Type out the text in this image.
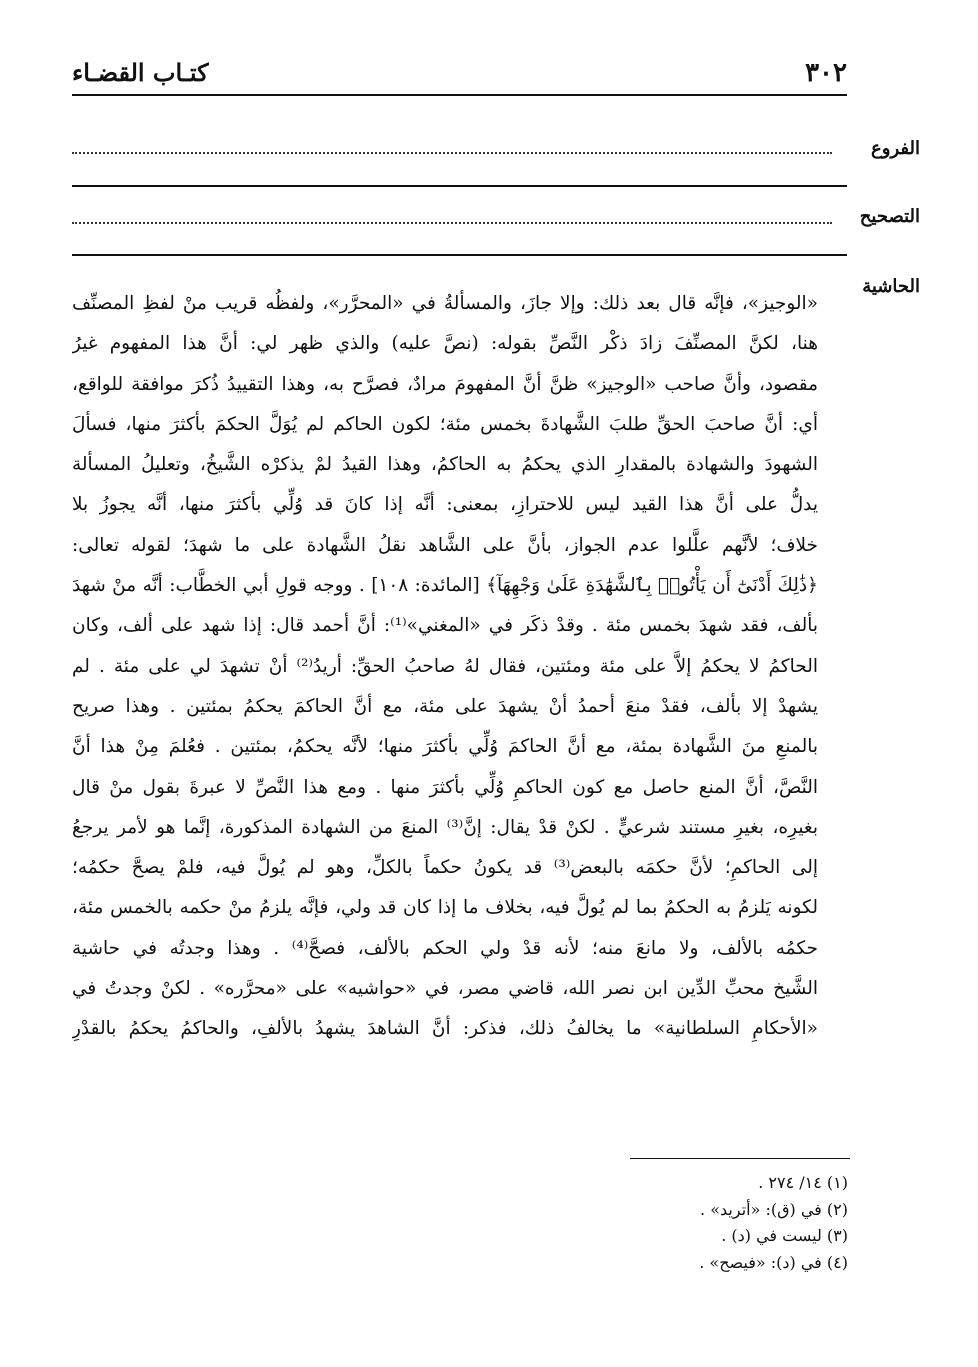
٣٠٢
كتـاب القضـاء
الفروع
التصحيح
الحاشية
«الوجيز»، فإنَّه قال بعد ذلك: وإلا جازَ، والمسألةُ في «المحرَّر»، ولفظُه قريب منْ لفظِ المصنِّف
هنا، لكنَّ المصنِّفَ زادَ ذكْر النَّصِّ بقوله: (نصَّ عليه) والذي ظهر لي: أنَّ هذا المفهوم غيرُ
مقصود، وأنَّ صاحب «الوجيز» ظنَّ أنَّ المفهومَ مرادٌ، فصرَّح به، وهذا التقييدُ ذُكرَ موافقة للواقع،
أي: أنَّ صاحبَ الحقِّ طلبَ الشَّهادةَ بخمس مئة؛ لكون الحاكم لم يُوَلَّ الحكمَ بأكثرَ منها، فسألَ
الشهودَ والشهادة بالمقدارِ الذي يحكمُ به الحاكمُ، وهذا القيدُ لمْ يذكرْه الشَّيخُ، وتعليلُ المسألة
يدلُّ على أنَّ هذا القيد ليس للاحترازِ، بمعنى: أنَّه إذا كانَ قد وُلِّي بأكثرَ منها، أنَّه يجوزُ بلا
خلاف؛ لأنَّهم علَّلوا عدم الجواز، بأنَّ على الشَّاهد نقلُ الشَّهادة على ما شهدَ؛ لقوله تعالى:
﴿ذَٰلِكَ أَدْنَىٰٓ أَن يَأْتُوا۟ بِٱلشَّهَٰدَةِ عَلَىٰ وَجْهِهَآ﴾ [المائدة: ١٠٨] . ووجه قولِ أبي الخطَّاب: أنَّه منْ شهدَ
بألف، فقد شهدَ بخمس مئة . وقدْ ذكَر في «المغني»⁽¹⁾: أنَّ أحمد قال: إذا شهد على ألف، وكان
الحاكمُ لا يحكمُ إلاَّ على مئة ومئتين، فقال لهُ صاحبُ الحقِّ: أريدُ⁽²⁾ أنْ تشهدَ لي على مئة . لم
يشهدْ إلا بألف، فقدْ منعَ أحمدُ أنْ يشهدَ على مئة، مع أنَّ الحاكمَ يحكمُ بمئتين . وهذا صريح
بالمنعِ منَ الشَّهادة بمئة، مع أنَّ الحاكمَ وُلِّي بأكثرَ منها؛ لأنَّه يحكمُ، بمئتين . فعُلمَ مِنْ هذا أنَّ
النَّصَّ، أنَّ المنع حاصل مع كون الحاكمِ وُلِّي بأكثرَ منها . ومع هذا النَّصِّ لا عبرةَ بقول منْ قال
بغيرِه، بغيرِ مستند شرعيٍّ . لكنْ قدْ يقال: إنَّ⁽³⁾ المنعَ من الشهادة المذكورة، إنَّما هو لأمر يرجعُ
إلى الحاكمِ؛ لأنَّ حكمَه بالبعض⁽³⁾ قد يكونُ حكماً بالكلِّ، وهو لم يُولَّ فيه، فلمْ يصحَّ حكمُه؛
لكونه يَلزمُ به الحكمُ بما لم يُولَّ فيه، بخلاف ما إذا كان قد ولي، فإنَّه يلزمُ منْ حكمه بالخمس مئة،
حكمُه بالألف، ولا مانعَ منه؛ لأنه قدْ ولي الحكم بالألف، فصحَّ⁽⁴⁾ . وهذا وجدتُه في حاشية
الشَّيخ محبِّ الدِّين ابن نصر الله، قاضي مصر، في «حواشيه» على «محرَّره» . لكنْ وجدتُ في
«الأحكامِ السلطانية» ما يخالفُ ذلك، فذكر: أنَّ الشاهدَ يشهدُ بالألفِ، والحاكمُ يحكمُ بالقدْرِ
(١) ١٤/ ٢٧٤ .
(٢) في (ق): «أتريد» .
(٣) ليست في (د) .
(٤) في (د): «فيصح» .
